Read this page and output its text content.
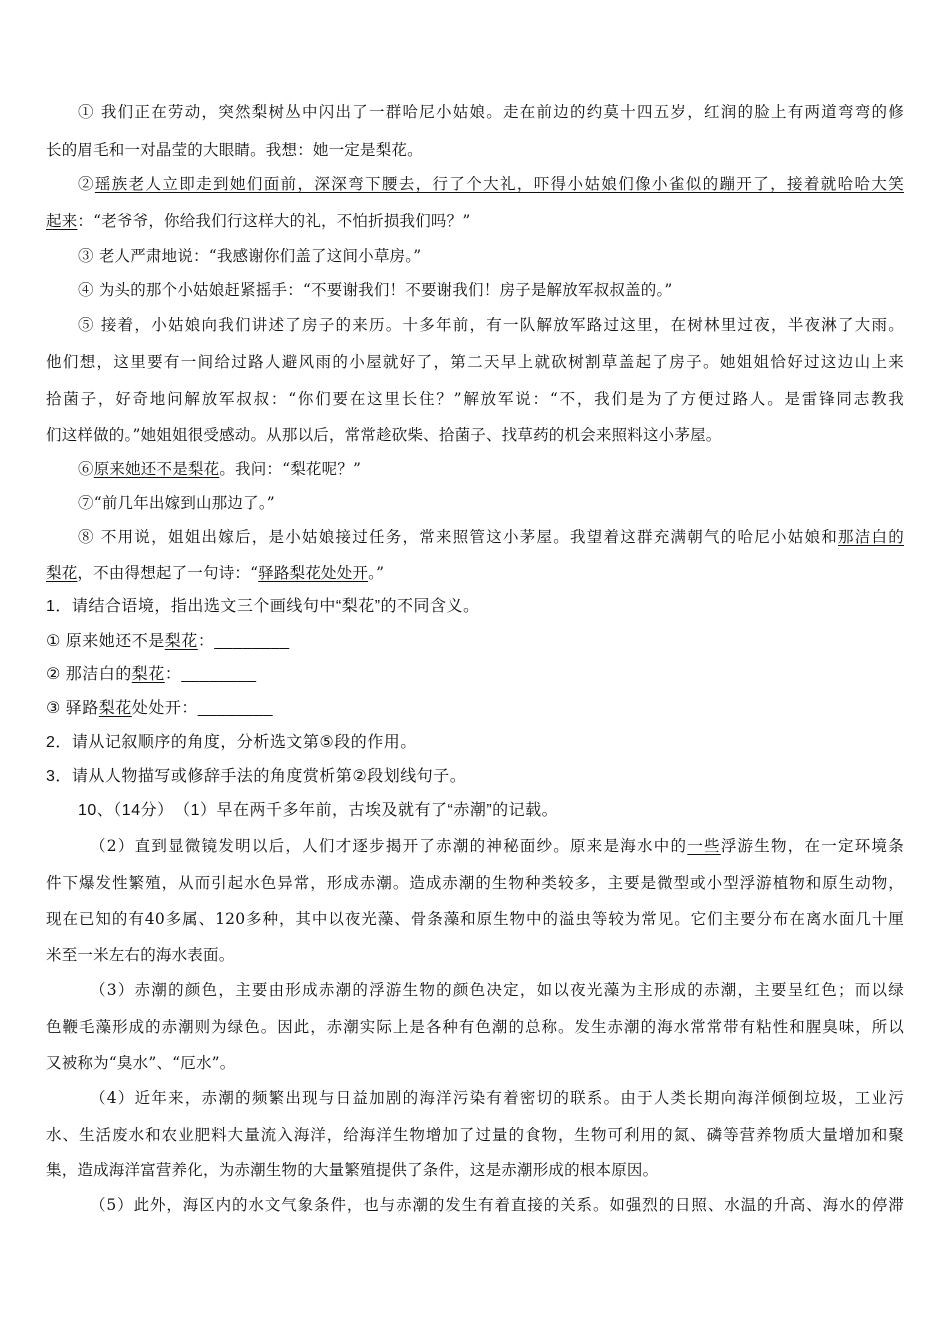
① 我们正在劳动，突然梨树丛中闪出了一群哈尼小姑娘。走在前边的约莫十四五岁，红润的脸上有两道弯弯的修
长的眉毛和一对晶莹的大眼睛。我想：她一定是梨花。
②瑶族老人立即走到她们面前，深深弯下腰去，行了个大礼，吓得小姑娘们像小雀似的蹦开了，接着就哈哈大笑
起来：“老爷爷，你给我们行这样大的礼，不怕折损我们吗？”
③ 老人严肃地说：“我感谢你们盖了这间小草房。”
④ 为头的那个小姑娘赶紧摇手：“不要谢我们！不要谢我们！房子是解放军叔叔盖的。”
⑤ 接着，小姑娘向我们讲述了房子的来历。十多年前，有一队解放军路过这里，在树林里过夜，半夜淋了大雨。
他们想，这里要有一间给过路人避风雨的小屋就好了，第二天早上就砍树割草盖起了房子。她姐姐恰好过这边山上来
拾菌子，好奇地问解放军叔叔：“你们要在这里长住？”解放军说：“不，我们是为了方便过路人。是雷锋同志教我
们这样做的。”她姐姐很受感动。从那以后，常常趁砍柴、拾菌子、找草药的机会来照料这小茅屋。
⑥原来她还不是梨花。我问：“梨花呢？”
⑦“前几年出嫁到山那边了。”
⑧ 不用说，姐姐出嫁后，是小姑娘接过任务，常来照管这小茅屋。我望着这群充满朝气的哈尼小姑娘和那洁白的
梨花，不由得想起了一句诗：“驿路梨花处处开。”
1．请结合语境，指出选文三个画线句中“梨花”的不同含义。
① 原来她还不是梨花：________
② 那洁白的梨花：________
③ 驿路梨花处处开：________
2．请从记叙顺序的角度，分析选文第⑤段的作用。
3．请从人物描写或修辞手法的角度赏析第②段划线句子。
10、（14分）　（1）早在两千多年前，古埃及就有了“赤潮”的记载。
（2）直到显微镜发明以后，人们才逐步揭开了赤潮的神秘面纱。原来是海水中的一些浮游生物，在一定环境条
件下爆发性繁殖，从而引起水色异常，形成赤潮。造成赤潮的生物种类较多，主要是微型或小型浮游植物和原生动物，
现在已知的有40多属、120多种，其中以夜光藻、骨条藻和原生物中的溢虫等较为常见。它们主要分布在离水面几十厘
米至一米左右的海水表面。
（3）赤潮的颜色，主要由形成赤潮的浮游生物的颜色决定，如以夜光藻为主形成的赤潮，主要呈红色；而以绿
色鞭毛藻形成的赤潮则为绿色。因此，赤潮实际上是各种有色潮的总称。发生赤潮的海水常常带有粘性和腥臭味，所以
又被称为“臭水”、“厄水”。
（4）近年来，赤潮的频繁出现与日益加剧的海洋污染有着密切的联系。由于人类长期向海洋倾倒垃圾，工业污
水、生活废水和农业肥料大量流入海洋，给海洋生物增加了过量的食物，生物可利用的氮、磷等营养物质大量增加和聚
集，造成海洋富营养化，为赤潮生物的大量繁殖提供了条件，这是赤潮形成的根本原因。
（5）此外，海区内的水文气象条件，也与赤潮的发生有着直接的关系。如强烈的日照、水温的升高、海水的停滞
